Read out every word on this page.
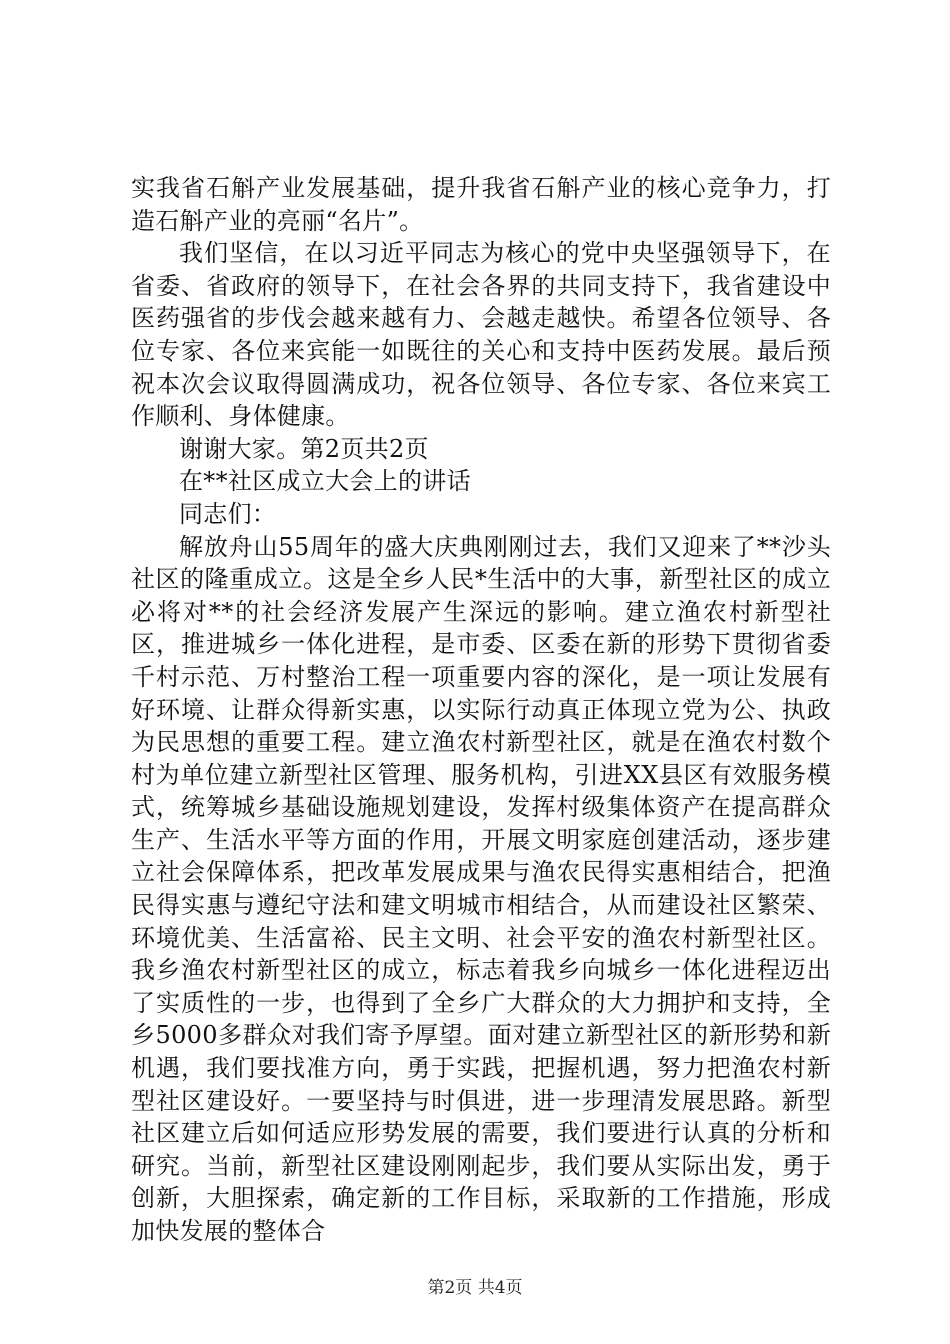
实我省石斛产业发展基础，提升我省石斛产业的核心竞争力，打造石斛产业的亮丽“名片”。

我们坚信，在以习近平同志为核心的党中央坚强领导下，在省委、省政府的领导下，在社会各界的共同支持下，我省建设中医药强省的步伐会越来越有力、会越走越快。希望各位领导、各位专家、各位来宾能一如既往的关心和支持中医药发展。最后预祝本次会议取得圆满成功，祝各位领导、各位专家、各位来宾工作顺利、身体健康。

谢谢大家。第2页共2页

在**社区成立大会上的讲话

同志们：

解放舟山55周年的盛大庆典刚刚过去，我们又迎来了**沙头社区的隆重成立。这是全乡人民*生活中的大事，新型社区的成立必将对**的社会经济发展产生深远的影响。建立渔农村新型社区，推进城乡一体化进程，是市委、区委在新的形势下贯彻省委千村示范、万村整治工程一项重要内容的深化，是一项让发展有好环境、让群众得新实惠，以实际行动真正体现立党为公、执政为民思想的重要工程。建立渔农村新型社区，就是在渔农村数个村为单位建立新型社区管理、服务机构，引进XX县区有效服务模式，统筹城乡基础设施规划建设，发挥村级集体资产在提高群众生产、生活水平等方面的作用，开展文明家庭创建活动，逐步建立社会保障体系，把改革发展成果与渔农民得实惠相结合，把渔民得实惠与遵纪守法和建文明城市相结合，从而建设社区繁荣、环境优美、生活富裕、民主文明、社会平安的渔农村新型社区。我乡渔农村新型社区的成立，标志着我乡向城乡一体化进程迈出了实质性的一步，也得到了全乡广大群众的大力拥护和支持，全乡5000多群众对我们寄予厚望。面对建立新型社区的新形势和新机遇，我们要找准方向，勇于实践，把握机遇，努力把渔农村新型社区建设好。一要坚持与时俱进，进一步理清发展思路。新型社区建立后如何适应形势发展的需要，我们要进行认真的分析和研究。当前，新型社区建设刚刚起步，我们要从实际出发，勇于创新，大胆探索，确定新的工作目标，采取新的工作措施，形成加快发展的整体合

第2页 共4页
